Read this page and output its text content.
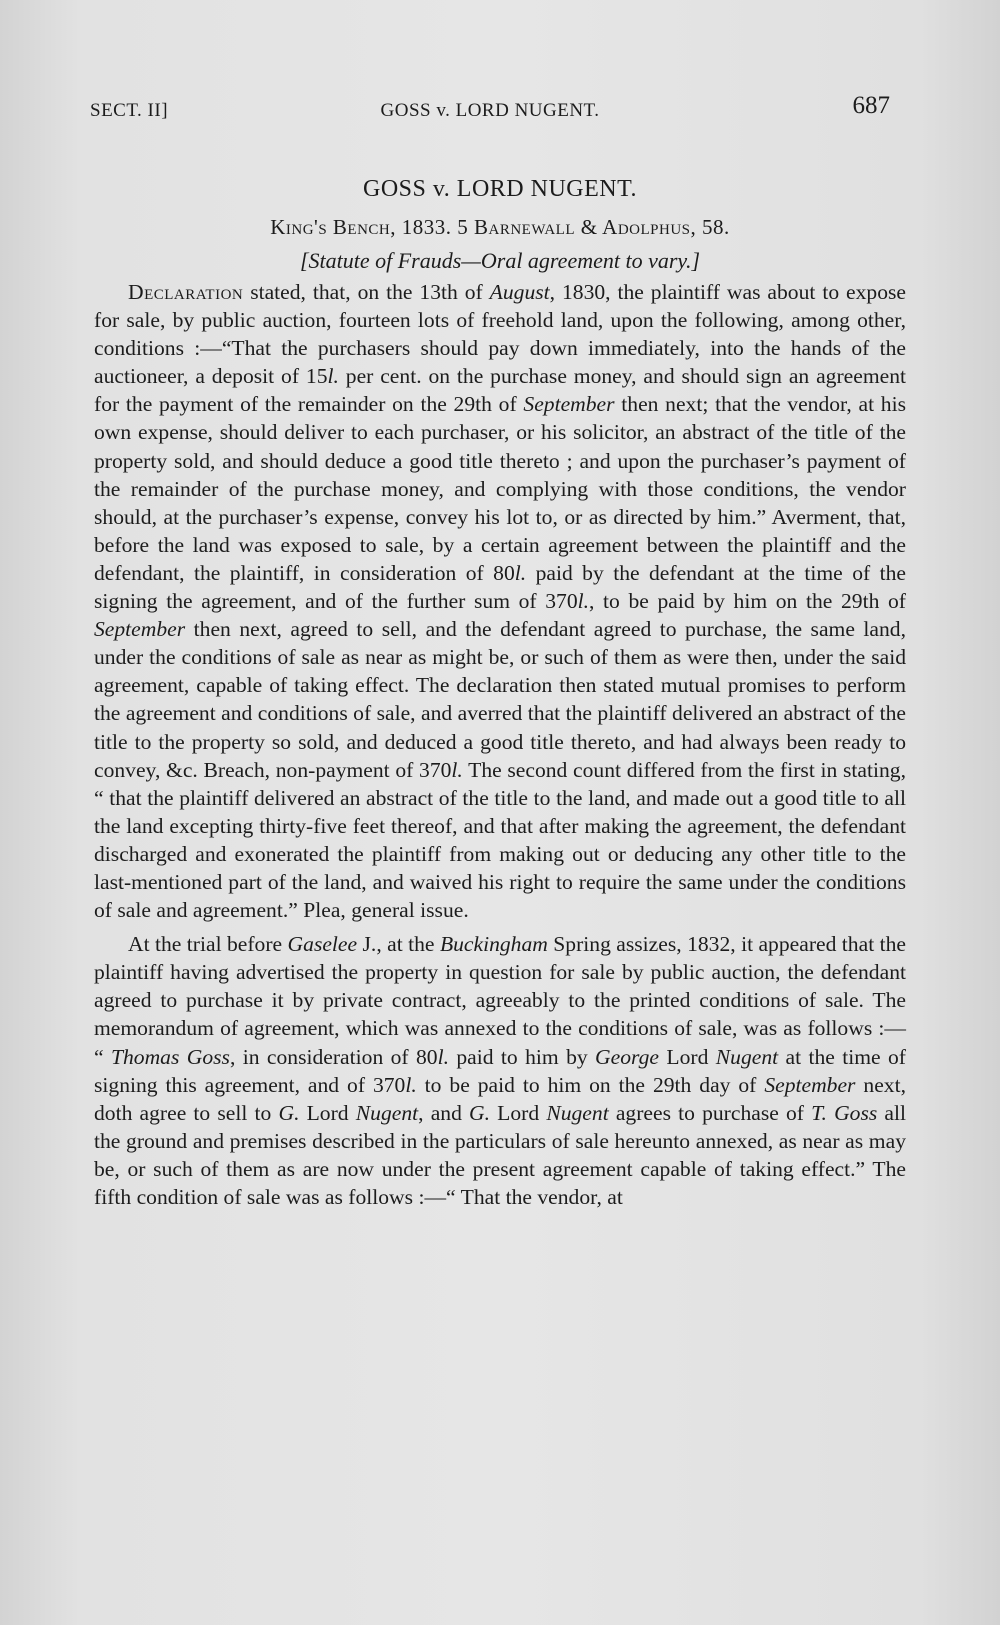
SECT. II]	GOSS v. LORD NUGENT.	687
GOSS v. LORD NUGENT.
King's Bench, 1833. 5 Barnewall & Adolphus, 58.
[Statute of Frauds—Oral agreement to vary.]

Declaration stated, that, on the 13th of August, 1830, the plaintiff was about to expose for sale, by public auction, fourteen lots of freehold land, upon the following, among other, conditions :—“That the purchasers should pay down immediately, into the hands of the auctioneer, a deposit of 15l. per cent. on the purchase money, and should sign an agreement for the payment of the remainder on the 29th of September then next; that the vendor, at his own expense, should deliver to each purchaser, or his solicitor, an abstract of the title of the property sold, and should deduce a good title thereto ; and upon the purchaser’s payment of the remainder of the purchase money, and complying with those conditions, the vendor should, at the purchaser’s expense, convey his lot to, or as directed by him.” Averment, that, before the land was exposed to sale, by a certain agreement between the plaintiff and the defendant, the plaintiff, in consideration of 80l. paid by the defendant at the time of the signing the agreement, and of the further sum of 370l., to be paid by him on the 29th of September then next, agreed to sell, and the defendant agreed to purchase, the same land, under the conditions of sale as near as might be, or such of them as were then, under the said agreement, capable of taking effect. The declaration then stated mutual promises to perform the agreement and conditions of sale, and averred that the plaintiff delivered an abstract of the title to the property so sold, and deduced a good title thereto, and had always been ready to convey, &c. Breach, non-payment of 370l. The second count differed from the first in stating, “ that the plaintiff delivered an abstract of the title to the land, and made out a good title to all the land excepting thirty-five feet thereof, and that after making the agreement, the defendant discharged and exonerated the plaintiff from making out or deducing any other title to the last-mentioned part of the land, and waived his right to require the same under the conditions of sale and agreement.” Plea, general issue.

At the trial before Gaselee J., at the Buckingham Spring assizes, 1832, it appeared that the plaintiff having advertised the property in question for sale by public auction, the defendant agreed to purchase it by private contract, agreeably to the printed conditions of sale. The memorandum of agreement, which was annexed to the conditions of sale, was as follows :— “ Thomas Goss, in consideration of 80l. paid to him by George Lord Nugent at the time of signing this agreement, and of 370l. to be paid to him on the 29th day of September next, doth agree to sell to G. Lord Nugent, and G. Lord Nugent agrees to purchase of T. Goss all the ground and premises described in the particulars of sale hereunto annexed, as near as may be, or such of them as are now under the present agreement capable of taking effect.” The fifth condition of sale was as follows :—“ That the vendor, at
